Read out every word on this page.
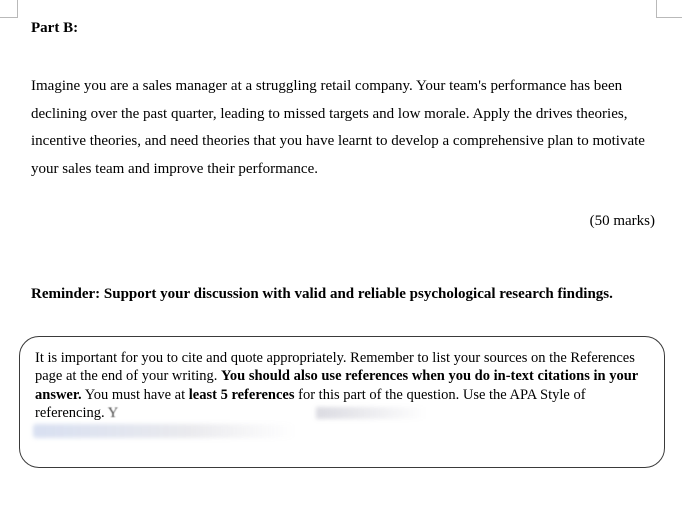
Part B:
Imagine you are a sales manager at a struggling retail company. Your team's performance has been declining over the past quarter, leading to missed targets and low morale. Apply the drives theories, incentive theories, and need theories that you have learnt to develop a comprehensive plan to motivate your sales team and improve their performance.
(50 marks)
Reminder: Support your discussion with valid and reliable psychological research findings.
It is important for you to cite and quote appropriately. Remember to list your sources on the References page at the end of your writing. You should also use references when you do in-text citations in your answer. You must have at least 5 references for this part of the question. Use the APA Style of referencing. Y
